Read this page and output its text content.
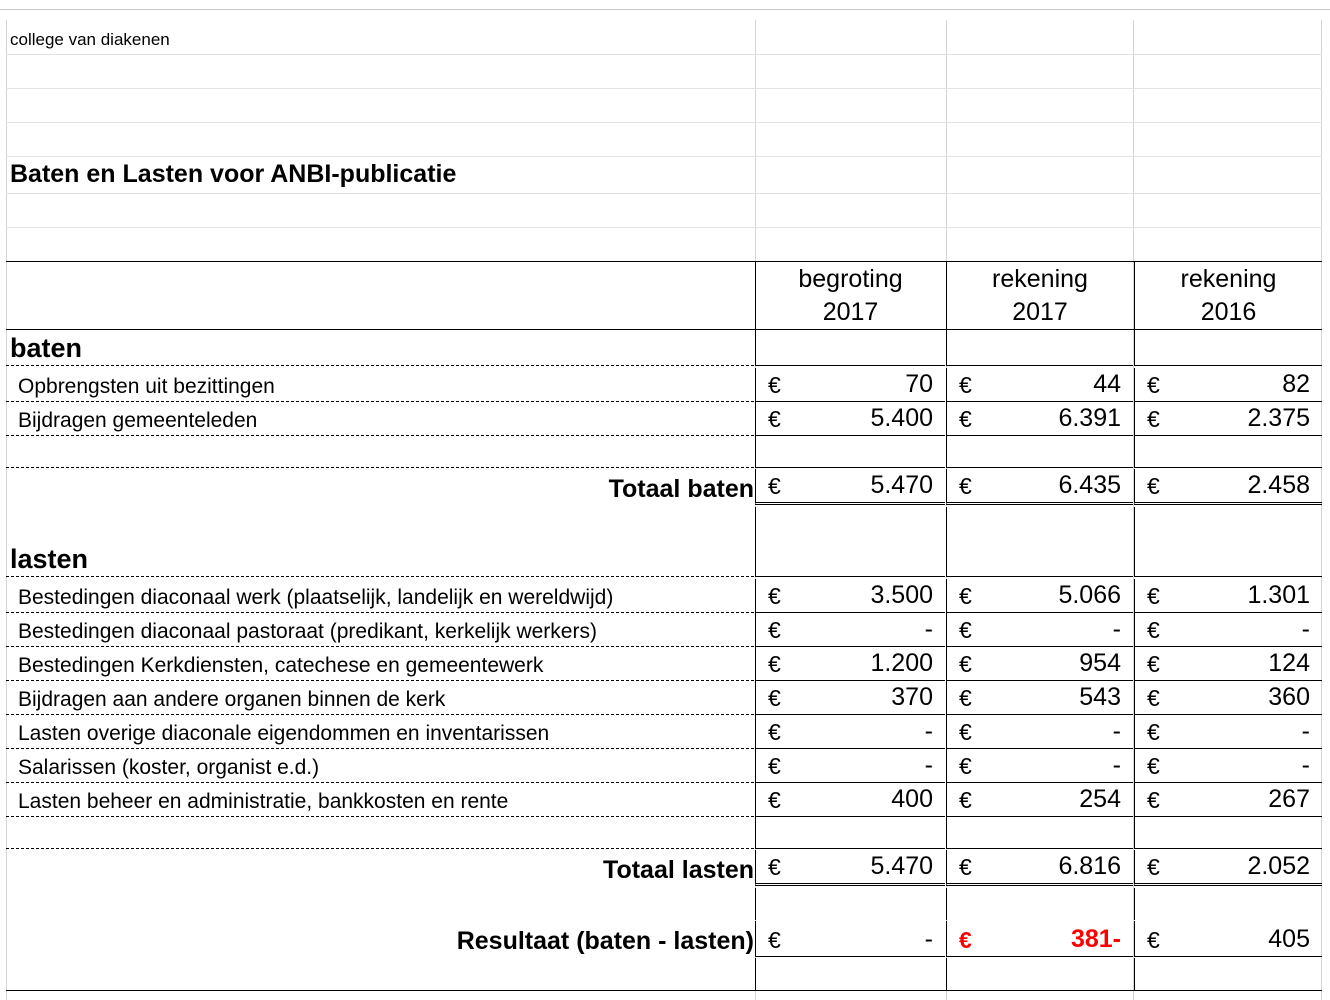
college van diakenen
Baten en Lasten voor ANBI-publicatie
begroting	rekening	rekening
2017	2017	2016
baten
Opbrengsten uit bezittingen	€	70 €	44 €	82
Bijdragen gemeenteleden	€	5.400 €	6.391 €	2.375
Totaal baten €	5.470 €	6.435 €	2.458
lasten
Bestedingen diaconaal werk (plaatselijk, landelijk en wereldwijd)	€	3.500 €	5.066 €	1.301
Bestedingen diaconaal pastoraat (predikant, kerkelijk werkers)	€	- €	- €	-
Bestedingen Kerkdiensten, catechese en gemeentewerk	€	1.200 €	954 €	124
Bijdragen aan andere organen binnen de kerk	€	370 €	543 €	360
Lasten overige diaconale eigendommen en inventarissen	€	- €	- €	-
Salarissen (koster, organist e.d.)	€	- €	- €	-
Lasten beheer en administratie, bankkosten en rente	€	400 €	254 €	267
Totaal lasten €	5.470 €	6.816 €	2.052
Resultaat (baten - lasten) €	- €	381- €	405
